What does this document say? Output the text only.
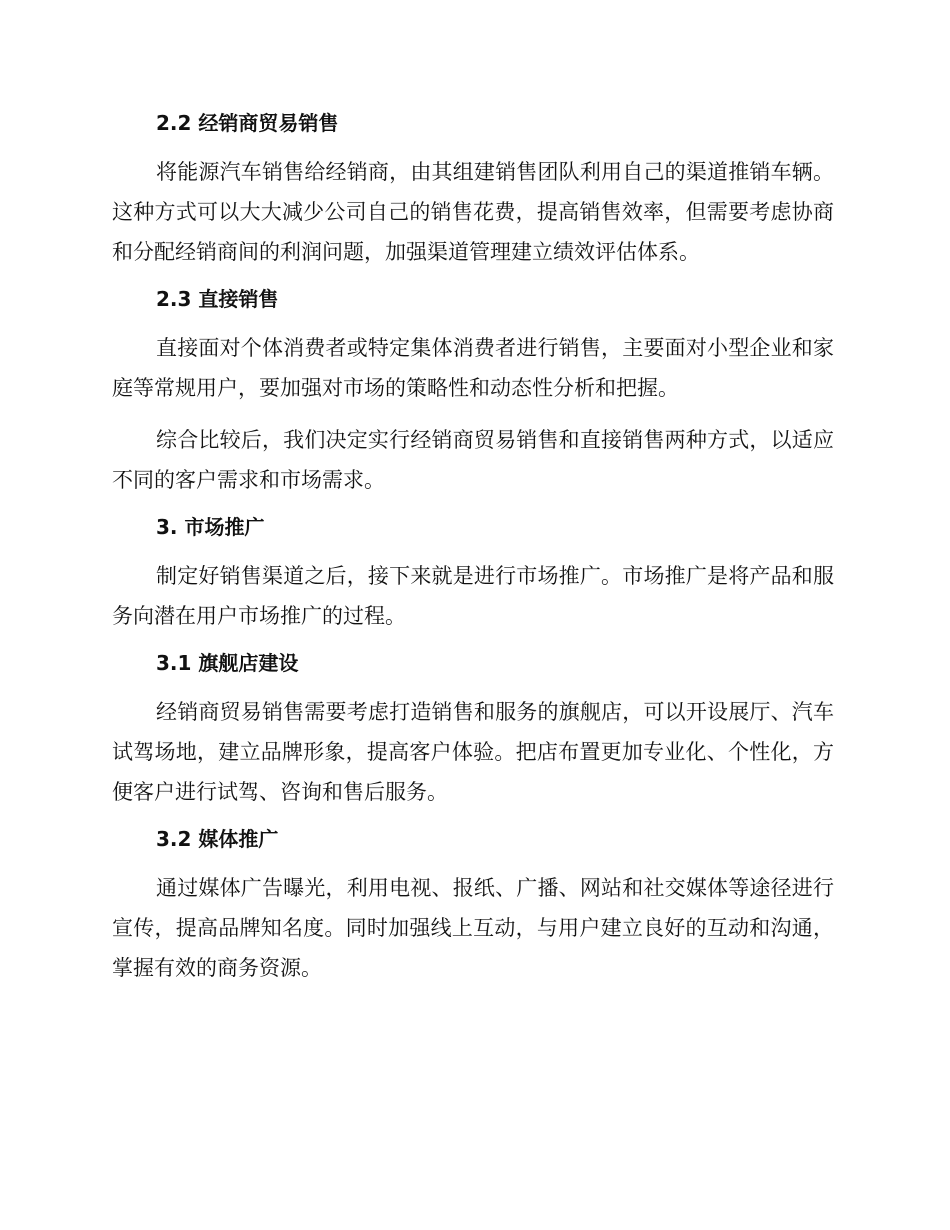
2.2 经销商贸易销售

将能源汽车销售给经销商，由其组建销售团队利用自己的渠道推销车辆。这种方式可以大大减少公司自己的销售花费，提高销售效率，但需要考虑协商和分配经销商间的利润问题，加强渠道管理建立绩效评估体系。

2.3 直接销售

直接面对个体消费者或特定集体消费者进行销售，主要面对小型企业和家庭等常规用户，要加强对市场的策略性和动态性分析和把握。

综合比较后，我们决定实行经销商贸易销售和直接销售两种方式，以适应不同的客户需求和市场需求。

3. 市场推广

制定好销售渠道之后，接下来就是进行市场推广。市场推广是将产品和服务向潜在用户市场推广的过程。

3.1 旗舰店建设

经销商贸易销售需要考虑打造销售和服务的旗舰店，可以开设展厅、汽车试驾场地，建立品牌形象，提高客户体验。把店布置更加专业化、个性化，方便客户进行试驾、咨询和售后服务。

3.2 媒体推广

通过媒体广告曝光，利用电视、报纸、广播、网站和社交媒体等途径进行宣传，提高品牌知名度。同时加强线上互动，与用户建立良好的互动和沟通，掌握有效的商务资源。
